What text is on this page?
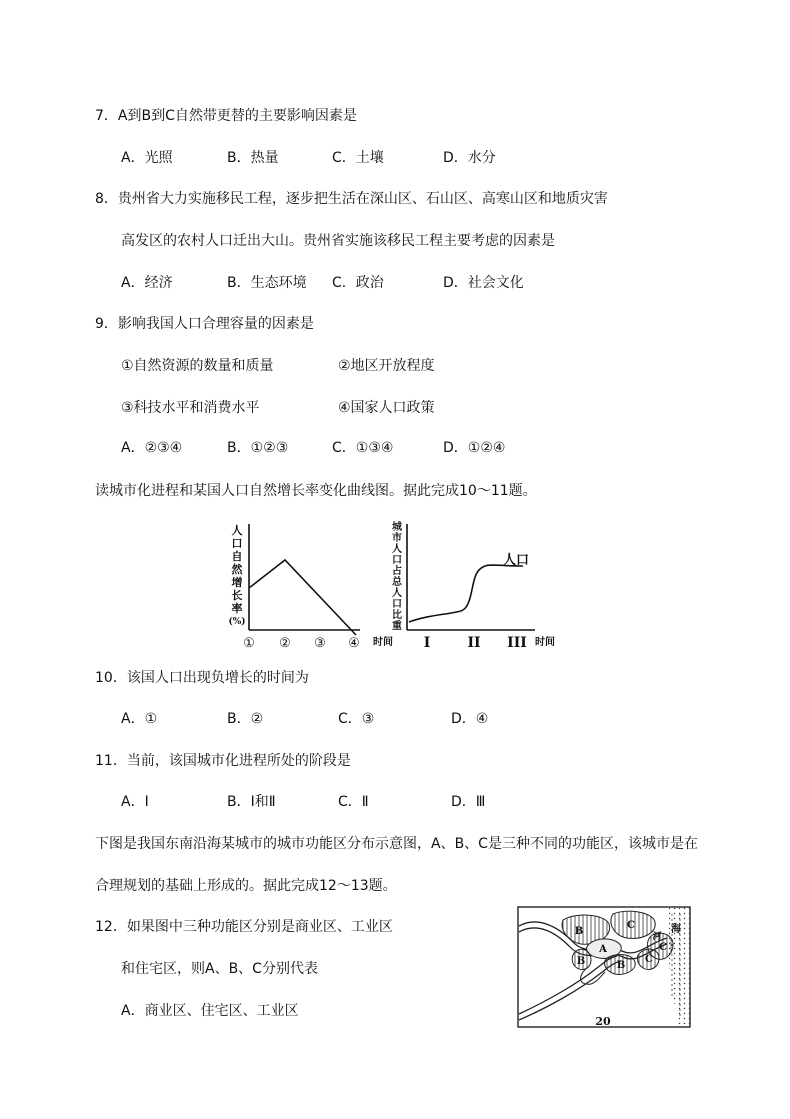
7．A到B到C自然带更替的主要影响因素是
A．光照	B．热量	C．土壤	D．水分
8．贵州省大力实施移民工程，逐步把生活在深山区、石山区、高寒山区和地质灾害
高发区的农村人口迁出大山。贵州省实施该移民工程主要考虑的因素是
A．经济	B．生态环境 C．政治	D．社会文化
9．影响我国人口合理容量的因素是
①自然资源的数量和质量	②地区开放程度
③科技水平和消费水平	④国家人口政策
A．②③④	B．①②③	C．①③④	D．①②④
读城市化进程和某国人口自然增长率变化曲线图。据此完成10～11题。
人
口
自
然
增
长
率
(%)
① ② ③ ④ 时间
城
市
人
口
占
总
人
口
比
重
人口
I	II III 时间
10．该国人口出现负增长的时间为
A．①	B．②	C．③	D．④
11．当前，该国城市化进程所处的阶段是
A．Ⅰ	B．Ⅰ和Ⅱ	C．Ⅱ	D．Ⅲ
下图是我国东南沿海某城市的城市功能区分布示意图，A、B、C是三种不同的功能区，该城市是在
合理规划的基础上形成的。据此完成12～13题。
12．如果图中三种功能区分别是商业区、工业区
和住宅区，则A、B、C分别代表
A．商业区、住宅区、工业区
B
C
A	C
B	B
C
河
海
20
